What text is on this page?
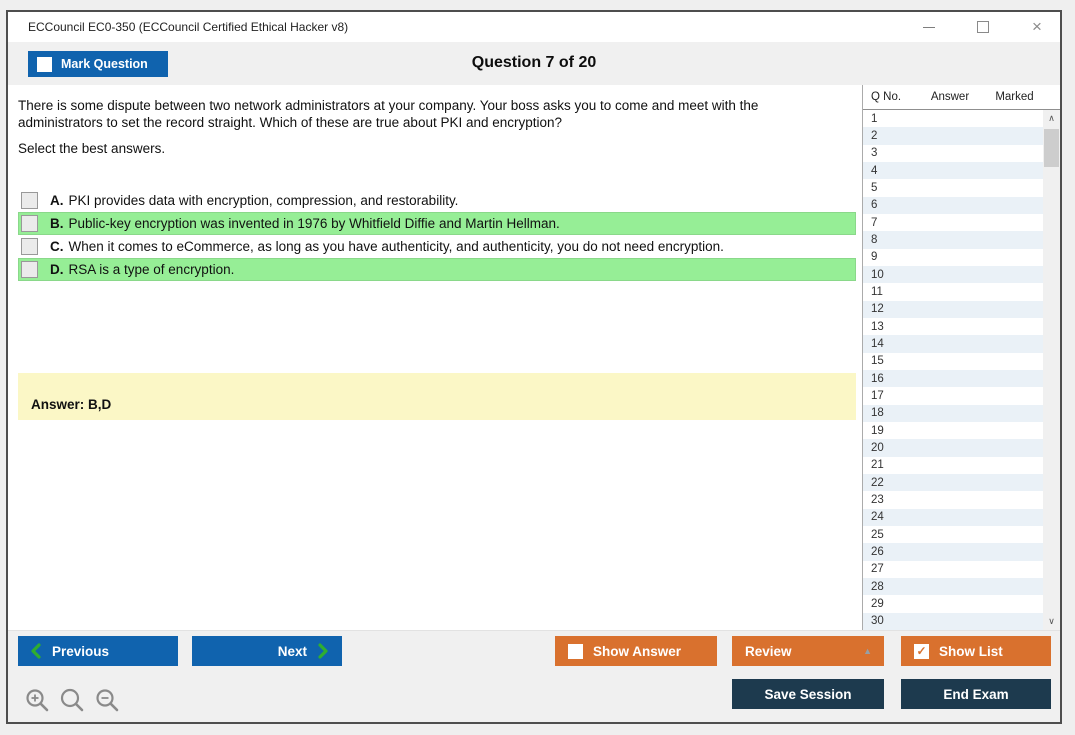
ECCouncil EC0-350 (ECCouncil Certified Ethical Hacker v8)	×
Mark Question	Question 7 of 20
There is some dispute between two network administrators at your company. Your boss asks you to come and meet with the administrators to set the record straight. Which of these are true about PKI and encryption?
Select the best answers.
A. PKI provides data with encryption, compression, and restorability.
B. Public-key encryption was invented in 1976 by Whitfield Diffie and Martin Hellman.
C. When it comes to eCommerce, as long as you have authenticity, and authenticity, you do not need encryption.
D. RSA is a type of encryption.
Answer: B,D
Q No.	Answer	Marked
1
2
3
4
5
6
7
8
9
10
11
12
13
14
15
16
17
18
19
20
21
22
23
24
25
26
27
28
29
30
∧
∨
Previous	Next	Show Answer	Review	▲	✓ Show List
Save Session	End Exam
